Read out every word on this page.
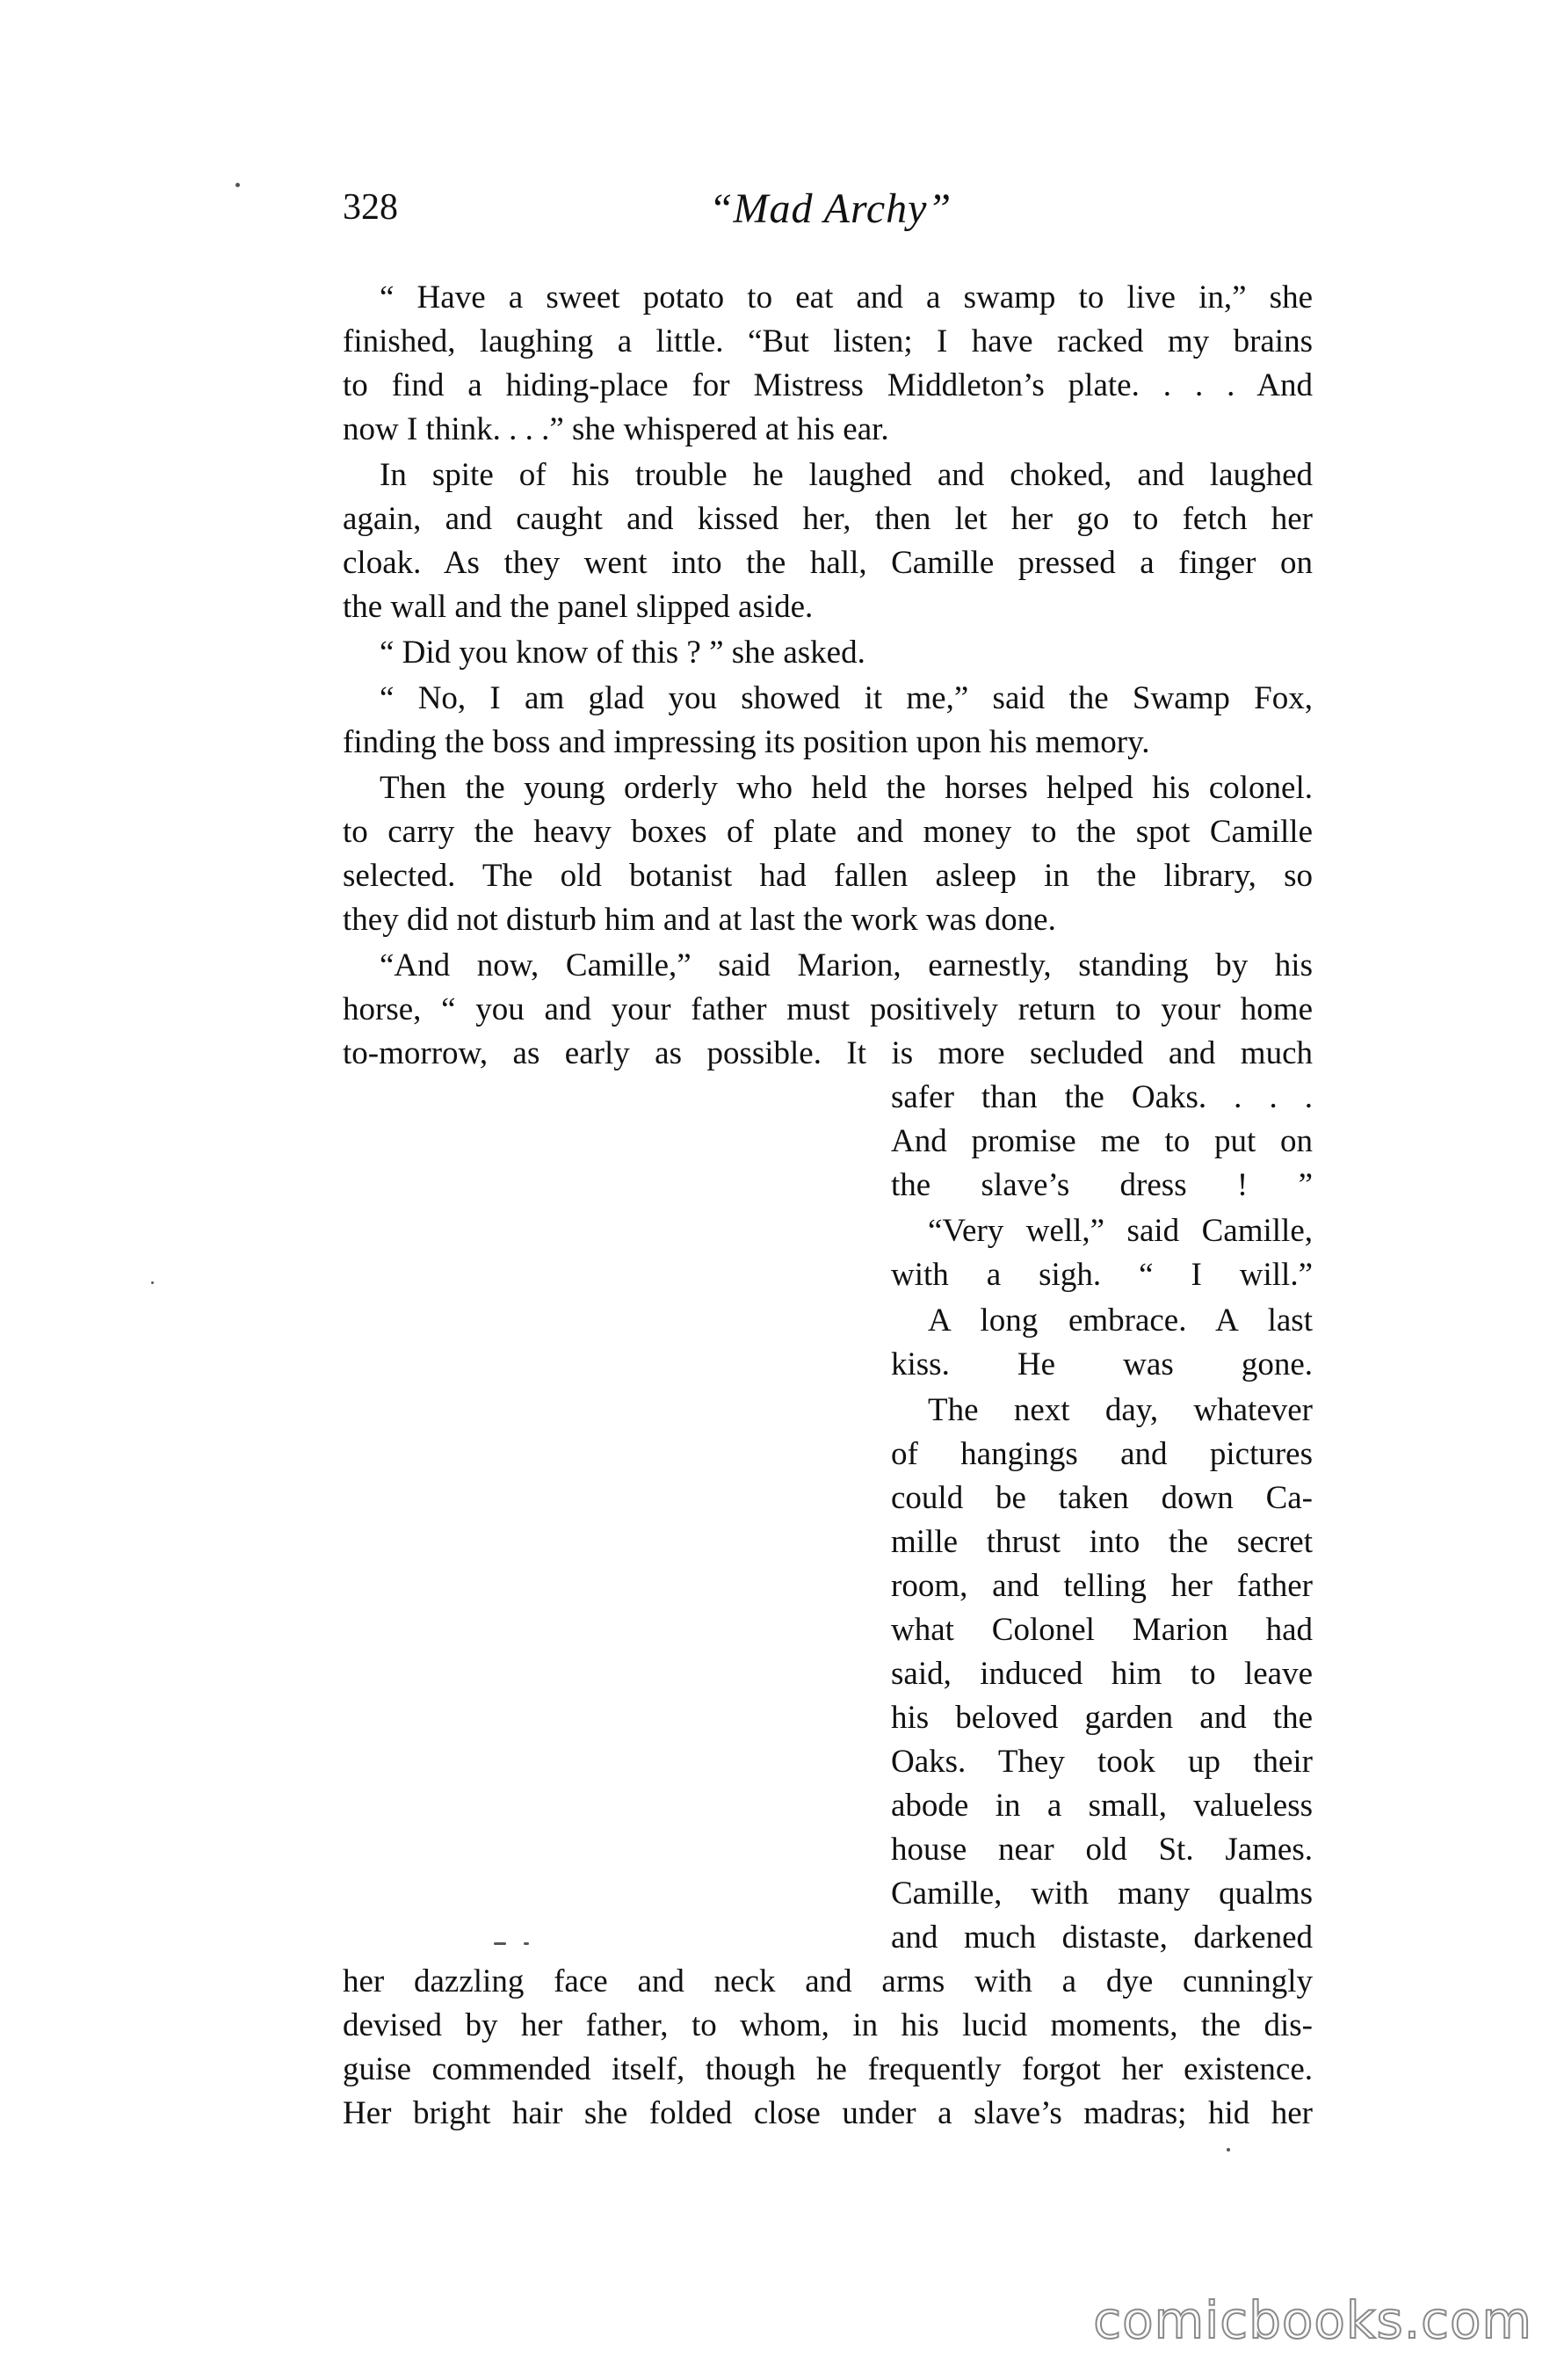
328	“Mad Archy”
“ Have a sweet potato to eat and a swamp to live in,” she
finished, laughing a little. “But listen; I have racked my brains
to find a hiding-place for Mistress Middleton’s plate. . . . And
now I think. . . .” she whispered at his ear.
In spite of his trouble he laughed and choked, and laughed
again, and caught and kissed her, then let her go to fetch her
cloak. As they went into the hall, Camille pressed a finger on
the wall and the panel slipped aside.
“ Did you know of this ? ” she asked.
“ No, I am glad you showed it me,” said the Swamp Fox,
finding the boss and impressing its position upon his memory.
Then the young orderly who held the horses helped his colonel.
to carry the heavy boxes of plate and money to the spot Camille
selected. The old botanist had fallen asleep in the library, so
they did not disturb him and at last the work was done.
“And now, Camille,” said Marion, earnestly, standing by his
horse, “ you and your father must positively return to your home
to-morrow, as early as possible. It is more secluded and much
safer than the Oaks. . . .
And promise me to put on
the slave’s dress ! ”
“Very well,” said Camille,
with a sigh. “ I will.”
A long embrace. A last
kiss. He was gone.
The next day, whatever
of hangings and pictures
could be taken down Ca-
mille thrust into the secret
room, and telling her father
what Colonel Marion had
said, induced him to leave
his beloved garden and the
Oaks. They took up their
abode in a small, valueless
house near old St. James.
Camille, with many qualms
and much distaste, darkened
her dazzling face and neck and arms with a dye cunningly
devised by her father, to whom, in his lucid moments, the dis-
guise commended itself, though he frequently forgot her existence.
Her bright hair she folded close under a slave’s madras; hid her
comicbooks.com
